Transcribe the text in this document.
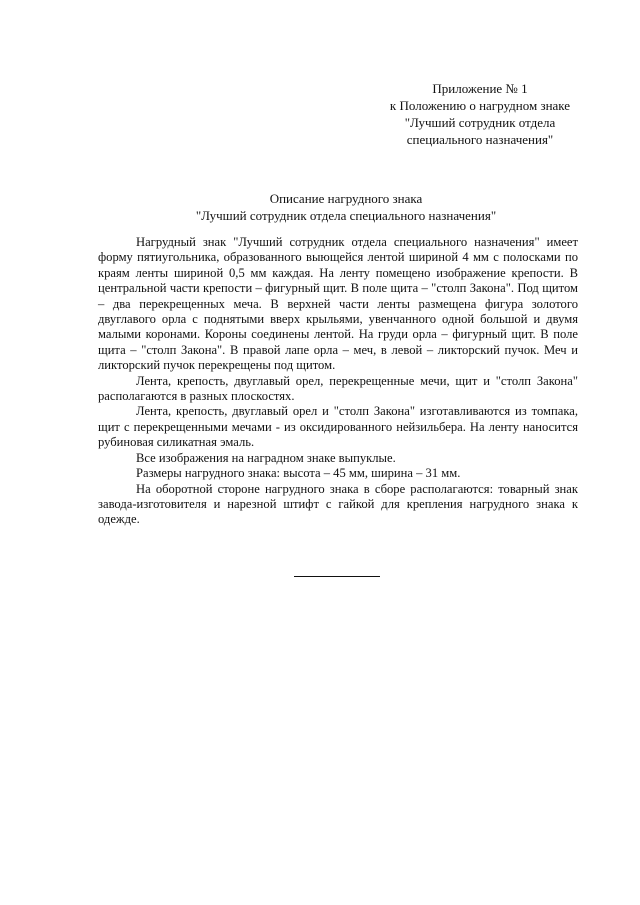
Приложение № 1
к Положению о нагрудном знаке
"Лучший сотрудник отдела
специального назначения"
Описание нагрудного знака
"Лучший сотрудник отдела специального назначения"

Нагрудный знак "Лучший сотрудник отдела специального назначения" имеет форму пятиугольника, образованного выющейся лентой шириной 4 мм с полосками по краям ленты шириной 0,5 мм каждая. На ленту помещено изображение крепости. В центральной части крепости – фигурный щит. В поле щита – "столп Закона". Под щитом – два перекрещенных меча. В верхней части ленты размещена фигура золотого двуглавого орла с поднятыми вверх крыльями, увенчанного одной большой и двумя малыми коронами. Короны соединены лентой. На груди орла – фигурный щит. В поле щита – "столп Закона". В правой лапе орла – меч, в левой – ликторский пучок. Меч и ликторский пучок перекрещены под щитом.

Лента, крепость, двуглавый орел, перекрещенные мечи, щит и "столп Закона" располагаются в разных плоскостях.

Лента, крепость, двуглавый орел и "столп Закона" изготавливаются из томпака, щит с перекрещенными мечами - из оксидированного нейзильбера. На ленту наносится рубиновая силикатная эмаль.

Все изображения на наградном знаке выпуклые.

Размеры нагрудного знака: высота – 45 мм, ширина – 31 мм.

На оборотной стороне нагрудного знака в сборе располагаются: товарный знак завода-изготовителя и нарезной штифт с гайкой для крепления нагрудного знака к одежде.
